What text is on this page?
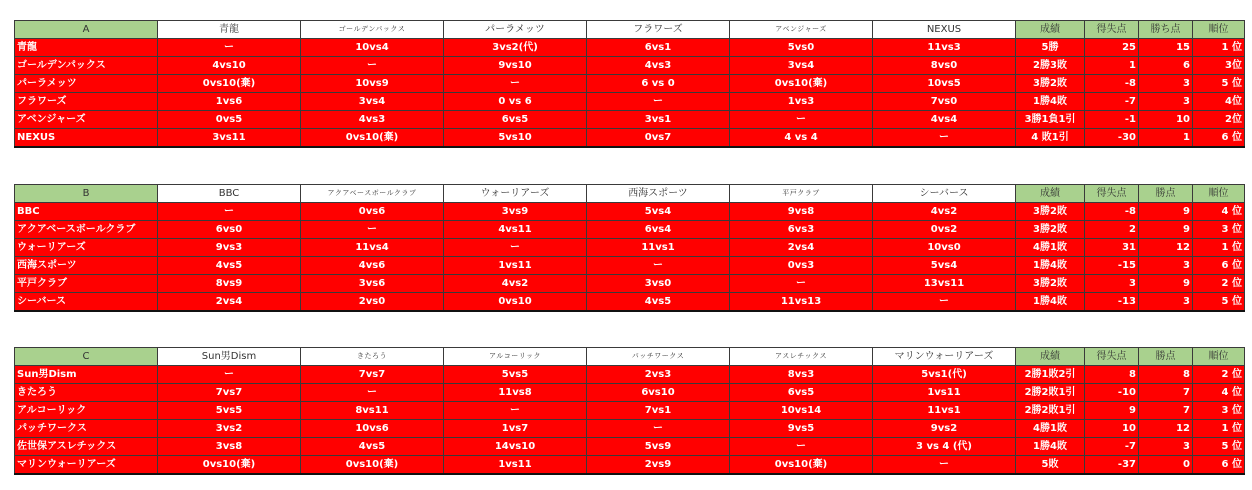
A	青龍	ゴールデンパックス	パーラメッツ	フラワーズ	アベンジャーズ	NEXUS	成績	得失点	勝ち点	順位
青龍	ー	10vs4	3vs2(代)	6vs1	5vs0	11vs3	5勝	25	15	1 位
ゴールデンパックス	4vs10	ー	9vs10	4vs3	3vs4	8vs0	2勝3敗	1	6	3位
パーラメッツ	0vs10(棄)	10vs9	ー	6 vs 0	0vs10(棄)	10vs5	3勝2敗	-8	3	5 位
フラワーズ	1vs6	3vs4	0 vs 6	ー	1vs3	7vs0	1勝4敗	-7	3	4位
アベンジャーズ	0vs5	4vs3	6vs5	3vs1	ー	4vs4	3勝1負1引	-1	10	2位
NEXUS	3vs11	0vs10(棄)	5vs10	0vs7	4 vs 4	ー	4 敗1引	-30	1	6 位
B	BBC	アクアベースボールクラブ	ウォーリアーズ	西海スポーツ	平戸クラブ	シーバース	成績	得失点	勝点	順位
BBC	ー	0vs6	3vs9	5vs4	9vs8	4vs2	3勝2敗	-8	9	4 位
アクアベースボールクラブ	6vs0	ー	4vs11	6vs4	6vs3	0vs2	3勝2敗	2	9	3 位
ウォーリアーズ	9vs3	11vs4	ー	11vs1	2vs4	10vs0	4勝1敗	31	12	1 位
西海スポーツ	4vs5	4vs6	1vs11	ー	0vs3	5vs4	1勝4敗	-15	3	6 位
平戸クラブ	8vs9	3vs6	4vs2	3vs0	ー	13vs11	3勝2敗	3	9	2 位
シーバース	2vs4	2vs0	0vs10	4vs5	11vs13	ー	1勝4敗	-13	3	5 位
C	Sun男Dism	きたろう	アルコーリック	パッチワークス	アスレチックス	マリンウォーリアーズ	成績	得失点	勝点	順位
Sun男Dism	ー	7vs7	5vs5	2vs3	8vs3	5vs1(代)	2勝1敗2引	8	8	2 位
きたろう	7vs7	ー	11vs8	6vs10	6vs5	1vs11	2勝2敗1引	-10	7	4 位
アルコーリック	5vs5	8vs11	ー	7vs1	10vs14	11vs1	2勝2敗1引	9	7	3 位
パッチワークス	3vs2	10vs6	1vs7	ー	9vs5	9vs2	4勝1敗	10	12	1 位
佐世保アスレチックス	3vs8	4vs5	14vs10	5vs9	ー	3 vs 4 (代)	1勝4敗	-7	3	5 位
マリンウォーリアーズ	0vs10(棄)	0vs10(棄)	1vs11	2vs9	0vs10(棄)	ー	5敗	-37	0	6 位
